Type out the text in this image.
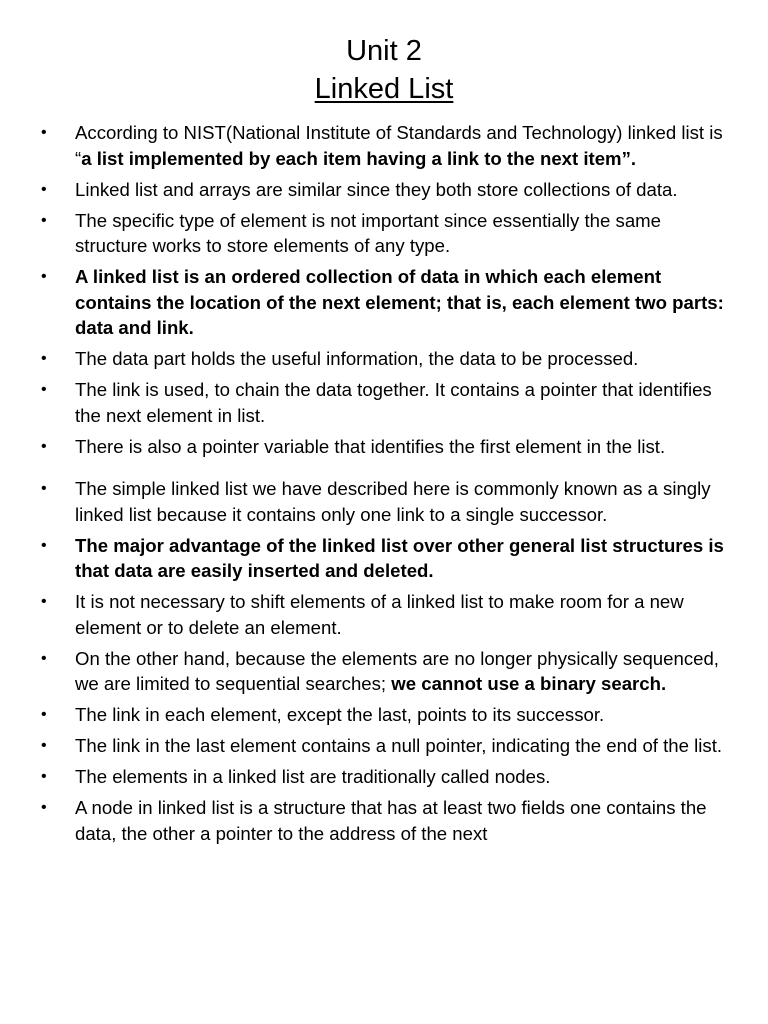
Unit 2
Linked List
• According to NIST(National Institute of Standards and Technology) linked list is “a list implemented by each item having a link to the next item”.
• Linked list and arrays are similar since they both store collections of data.
• The specific type of element is not important since essentially the same structure works to store elements of any type.
• A linked list is an ordered collection of data in which each element contains the location of the next element; that is, each element two parts: data and link.
• The data part holds the useful information, the data to be processed.
• The link is used, to chain the data together. It contains a pointer that identifies the next element in list.
• There is also a pointer variable that identifies the first element in the list.
• The simple linked list we have described here is commonly known as a singly linked list because it contains only one link to a single successor.
• The major advantage of the linked list over other general list structures is that data are easily inserted and deleted.
• It is not necessary to shift elements of a linked list to make room for a new element or to delete an element.
• On the other hand, because the elements are no longer physically sequenced, we are limited to sequential searches; we cannot use a binary search.
• The link in each element, except the last, points to its successor.
• The link in the last element contains a null pointer, indicating the end of the list.
• The elements in a linked list are traditionally called nodes.
• A node in linked list is a structure that has at least two fields one contains the data, the other a pointer to the address of the next
